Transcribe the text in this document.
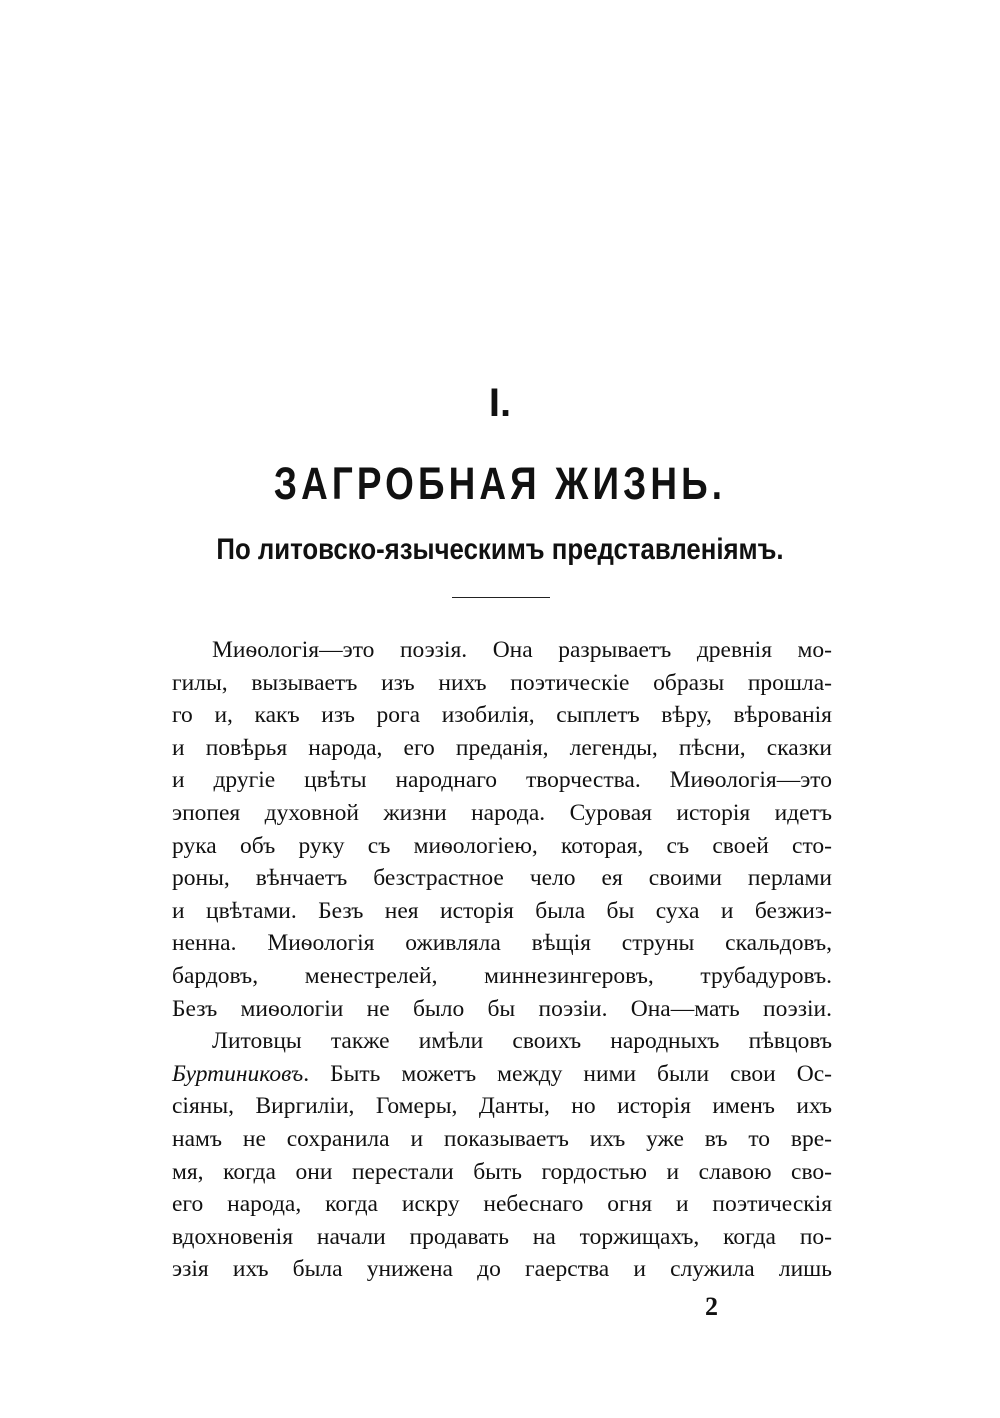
I.
ЗАГРОБНАЯ ЖИЗНЬ.
По литовско-языческимъ представленіямъ.
Миѳологія—это поэзія. Она разрываетъ древнія мо-
гилы, вызываетъ изъ нихъ поэтическіе образы прошла-
го и, какъ изъ рога изобилія, сыплетъ вѣру, вѣрованія
и повѣрья народа, его преданія, легенды, пѣсни, сказки
и другіе цвѣты народнаго творчества. Миѳологія—это
эпопея духовной жизни народа. Суровая исторія идетъ
рука объ руку съ миѳологіею, которая, съ своей сто-
роны, вѣнчаетъ безстрастное чело ея своими перлами
и цвѣтами. Безъ нея исторія была бы суха и безжиз-
ненна. Миѳологія оживляла вѣщія струны скальдовъ,
бардовъ, менестрелей, миннезингеровъ, трубадуровъ.
Безъ миѳологіи не было бы поэзіи. Она—мать поэзіи.
Литовцы также имѣли своихъ народныхъ пѣвцовъ
Буртиниковъ. Быть можетъ между ними были свои Ос-
сіяны, Виргиліи, Гомеры, Данты, но исторія именъ ихъ
намъ не сохранила и показываетъ ихъ уже въ то вре-
мя, когда они перестали быть гордостью и славою сво-
его народа, когда искру небеснаго огня и поэтическія
вдохновенія начали продавать на торжищахъ, когда по-
эзія ихъ была унижена до гаерства и служила лишь
2
